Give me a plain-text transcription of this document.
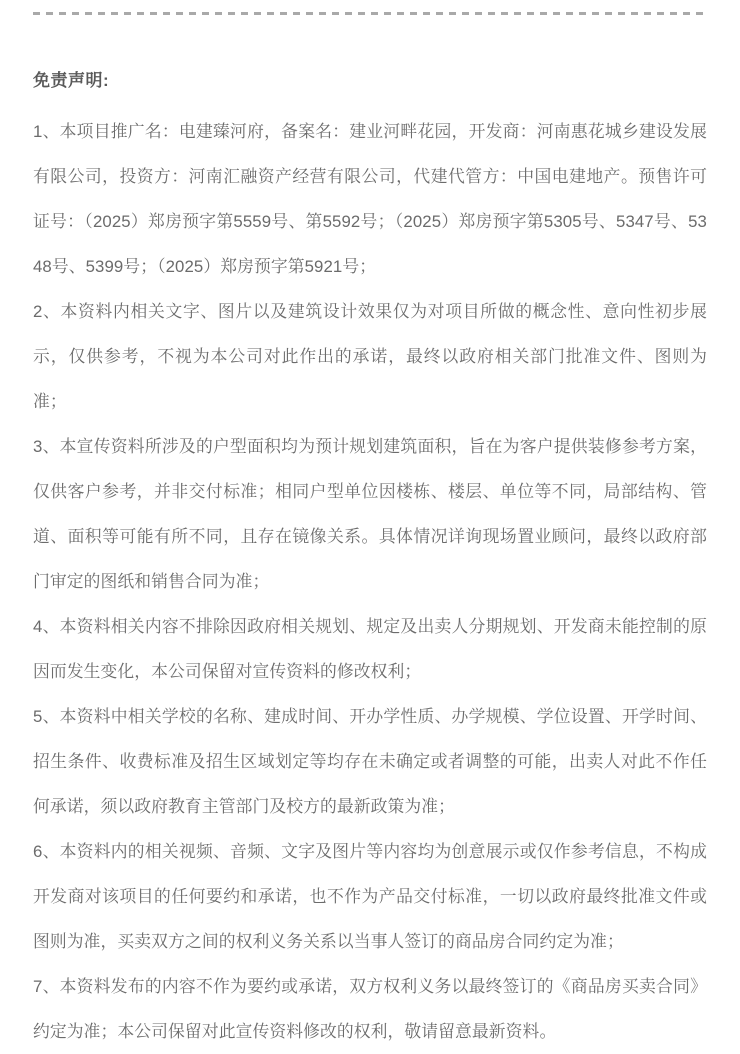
免责声明:

1、本项目推广名：电建臻河府，备案名：建业河畔花园，开发商：河南惠花城乡建设发展有限公司，投资方：河南汇融资产经营有限公司，代建代管方：中国电建地产。预售许可证号：（2025）郑房预字第5559号、第5592号；（2025）郑房预字第5305号、5347号、5348号、5399号；（2025）郑房预字第5921号；

2、本资料内相关文字、图片以及建筑设计效果仅为对项目所做的概念性、意向性初步展示，仅供参考，不视为本公司对此作出的承诺，最终以政府相关部门批准文件、图则为准；

3、本宣传资料所涉及的户型面积均为预计规划建筑面积，旨在为客户提供装修参考方案，仅供客户参考，并非交付标准；相同户型单位因楼栋、楼层、单位等不同，局部结构、管道、面积等可能有所不同，且存在镜像关系。具体情况详询现场置业顾问，最终以政府部门审定的图纸和销售合同为准；

4、本资料相关内容不排除因政府相关规划、规定及出卖人分期规划、开发商未能控制的原因而发生变化，本公司保留对宣传资料的修改权利；

5、本资料中相关学校的名称、建成时间、开办学性质、办学规模、学位设置、开学时间、招生条件、收费标准及招生区域划定等均存在未确定或者调整的可能，出卖人对此不作任何承诺，须以政府教育主管部门及校方的最新政策为准；

6、本资料内的相关视频、音频、文字及图片等内容均为创意展示或仅作参考信息，不构成开发商对该项目的任何要约和承诺，也不作为产品交付标准，一切以政府最终批准文件或图则为准，买卖双方之间的权利义务关系以当事人签订的商品房合同约定为准；

7、本资料发布的内容不作为要约或承诺，双方权利义务以最终签订的《商品房买卖合同》约定为准；本公司保留对此宣传资料修改的权利，敬请留意最新资料。
